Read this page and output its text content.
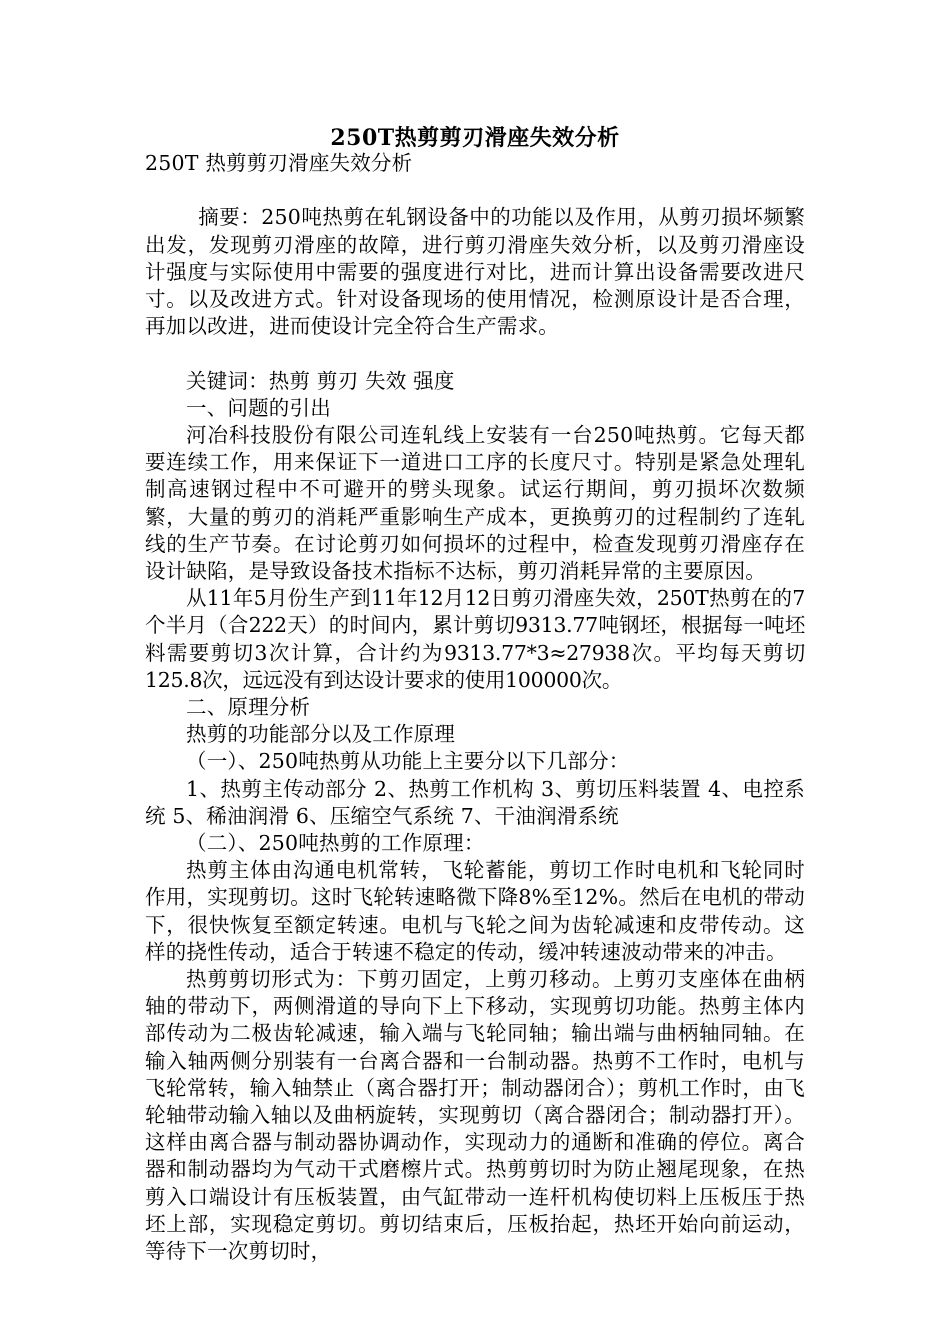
250T热剪剪刃滑座失效分析

250T 热剪剪刃滑座失效分析

摘要：250吨热剪在轧钢设备中的功能以及作用，从剪刃损坏频繁出发，发现剪刃滑座的故障，进行剪刃滑座失效分析，以及剪刃滑座设计强度与实际使用中需要的强度进行对比，进而计算出设备需要改进尺寸。以及改进方式。针对设备现场的使用情况，检测原设计是否合理，再加以改进，进而使设计完全符合生产需求。

关键词：热剪 剪刃 失效 强度

一、问题的引出

河冶科技股份有限公司连轧线上安装有一台250吨热剪。它每天都要连续工作，用来保证下一道进口工序的长度尺寸。特别是紧急处理轧制高速钢过程中不可避开的劈头现象。试运行期间，剪刃损坏次数频繁，大量的剪刃的消耗严重影响生产成本，更换剪刃的过程制约了连轧线的生产节奏。在讨论剪刃如何损坏的过程中，检查发现剪刃滑座存在设计缺陷，是导致设备技术指标不达标，剪刃消耗异常的主要原因。

从11年5月份生产到11年12月12日剪刃滑座失效，250T热剪在的7个半月（合222天）的时间内，累计剪切9313.77吨钢坯，根据每一吨坯料需要剪切3次计算，合计约为9313.77*3≈27938次。平均每天剪切125.8次，远远没有到达设计要求的使用100000次。

二、原理分析

热剪的功能部分以及工作原理

（一）、250吨热剪从功能上主要分以下几部分：

1、热剪主传动部分 2、热剪工作机构 3、剪切压料装置 4、电控系统 5、稀油润滑 6、压缩空气系统 7、干油润滑系统

（二）、250吨热剪的工作原理：

热剪主体由沟通电机常转，飞轮蓄能，剪切工作时电机和飞轮同时作用，实现剪切。这时飞轮转速略微下降8%至12%。然后在电机的带动下，很快恢复至额定转速。电机与飞轮之间为齿轮减速和皮带传动。这样的挠性传动，适合于转速不稳定的传动，缓冲转速波动带来的冲击。

热剪剪切形式为：下剪刃固定，上剪刃移动。上剪刃支座体在曲柄轴的带动下，两侧滑道的导向下上下移动，实现剪切功能。热剪主体内部传动为二极齿轮减速，输入端与飞轮同轴；输出端与曲柄轴同轴。在输入轴两侧分别装有一台离合器和一台制动器。热剪不工作时，电机与飞轮常转，输入轴禁止（离合器打开；制动器闭合）；剪机工作时，由飞轮轴带动输入轴以及曲柄旋转，实现剪切（离合器闭合；制动器打开）。这样由离合器与制动器协调动作，实现动力的通断和准确的停位。离合器和制动器均为气动干式磨檫片式。热剪剪切时为防止翘尾现象，在热剪入口端设计有压板装置，由气缸带动一连杆机构使切料上压板压于热坯上部，实现稳定剪切。剪切结束后，压板抬起，热坯开始向前运动，等待下一次剪切时，
